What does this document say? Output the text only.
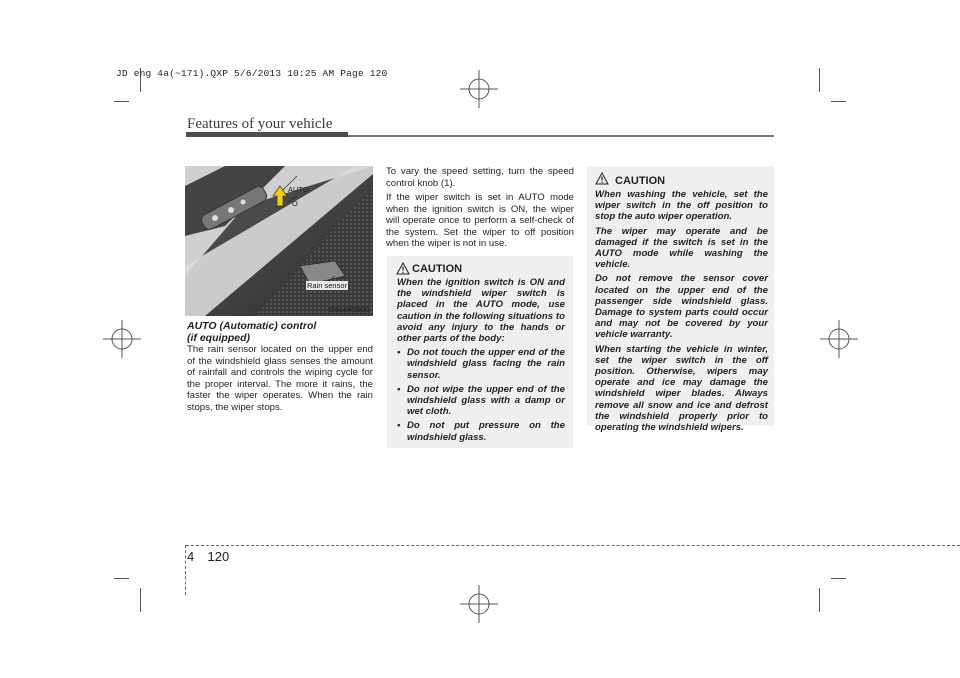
JD eng 4a(~171).QXP 5/6/2013 10:25 AM Page 120
Features of your vehicle
AUTO
O
Rain sensor
OEL049900
AUTO (Automatic) control
(if equipped)
The rain sensor located on the upper end of the windshield glass senses the amount of rainfall and controls the wiping cycle for the proper interval. The more it rains, the faster the wiper operates. When the rain stops, the wiper stops.
To vary the speed setting, turn the speed control knob (1).
If the wiper switch is set in AUTO mode when the ignition switch is ON, the wiper will operate once to perform a self-check of the system. Set the wiper to off position when the wiper is not in use.
CAUTION

When the ignition switch is ON and the windshield wiper switch is placed in the AUTO mode, use caution in the following situations to avoid any injury to the hands or other parts of the body:

• Do not touch the upper end of the windshield glass facing the rain sensor.
• Do not wipe the upper end of the windshield glass with a damp or wet cloth.
• Do not put pressure on the windshield glass.
CAUTION

When washing the vehicle, set the wiper switch in the off position to stop the auto wiper operation.

The wiper may operate and be damaged if the switch is set in the AUTO mode while washing the vehicle.

Do not remove the sensor cover located on the upper end of the passenger side windshield glass. Damage to system parts could occur and may not be covered by your vehicle warranty.

When starting the vehicle in winter, set the wiper switch in the off position. Otherwise, wipers may operate and ice may damage the windshield wiper blades. Always remove all snow and ice and defrost the windshield properly prior to operating the windshield wipers.

4 120
